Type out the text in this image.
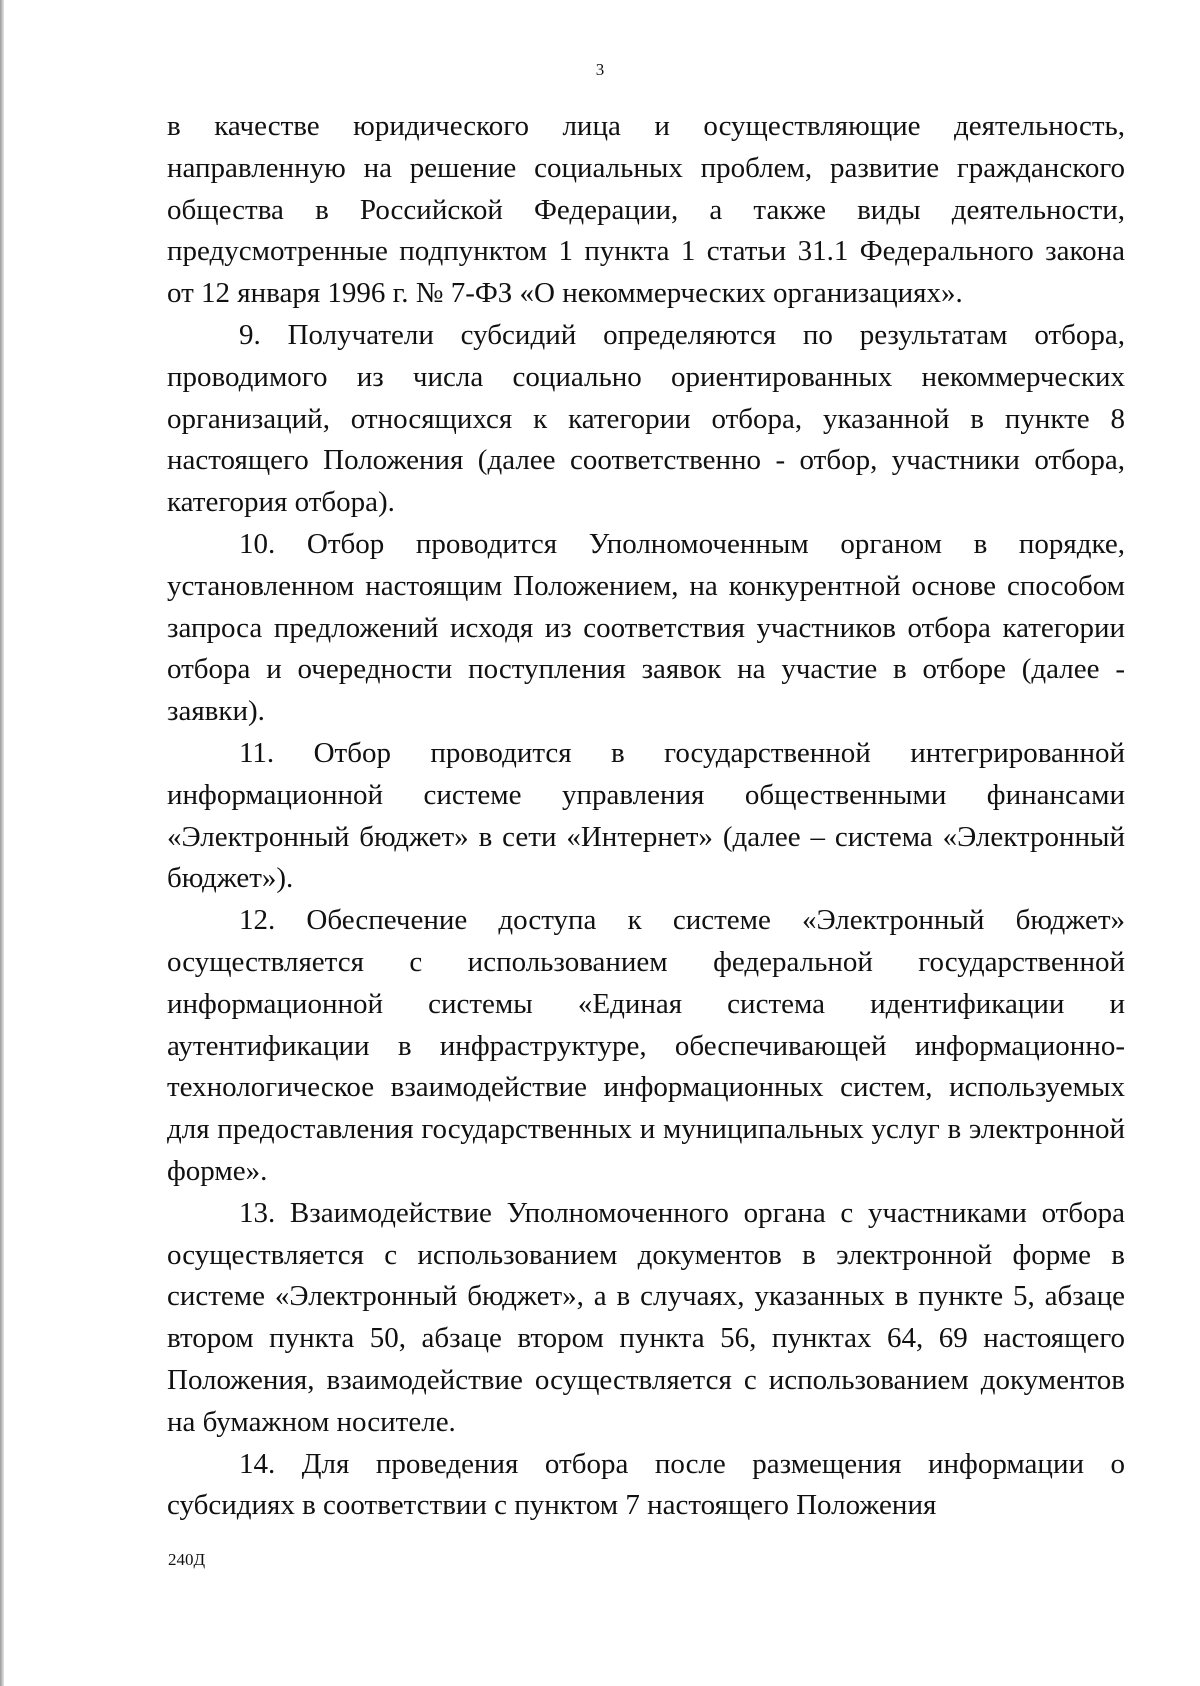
3

в качестве юридического лица и осуществляющие деятельность, направленную на решение социальных проблем, развитие гражданского общества в Российской Федерации, а также виды деятельности, предусмотренные подпунктом 1 пункта 1 статьи 31.1 Федерального закона от 12 января 1996 г. № 7-ФЗ «О некоммерческих организациях».

9. Получатели субсидий определяются по результатам отбора, проводимого из числа социально ориентированных некоммерческих организаций, относящихся к категории отбора, указанной в пункте 8 настоящего Положения (далее соответственно - отбор, участники отбора, категория отбора).

10. Отбор проводится Уполномоченным органом в порядке, установленном настоящим Положением, на конкурентной основе способом запроса предложений исходя из соответствия участников отбора категории отбора и очередности поступления заявок на участие в отборе (далее - заявки).

11. Отбор проводится в государственной интегрированной информационной системе управления общественными финансами «Электронный бюджет» в сети «Интернет» (далее – система «Электронный бюджет»).

12. Обеспечение доступа к системе «Электронный бюджет» осуществляется с использованием федеральной государственной информационной системы «Единая система идентификации и аутентификации в инфраструктуре, обеспечивающей информационно-технологическое взаимодействие информационных систем, используемых для предоставления государственных и муниципальных услуг в электронной форме».

13. Взаимодействие Уполномоченного органа с участниками отбора осуществляется с использованием документов в электронной форме в системе «Электронный бюджет», а в случаях, указанных в пункте 5, абзаце втором пункта 50, абзаце втором пункта 56, пунктах 64, 69 настоящего Положения, взаимодействие осуществляется с использованием документов на бумажном носителе.

14. Для проведения отбора после размещения информации о субсидиях в соответствии с пунктом 7 настоящего Положения

240Д
